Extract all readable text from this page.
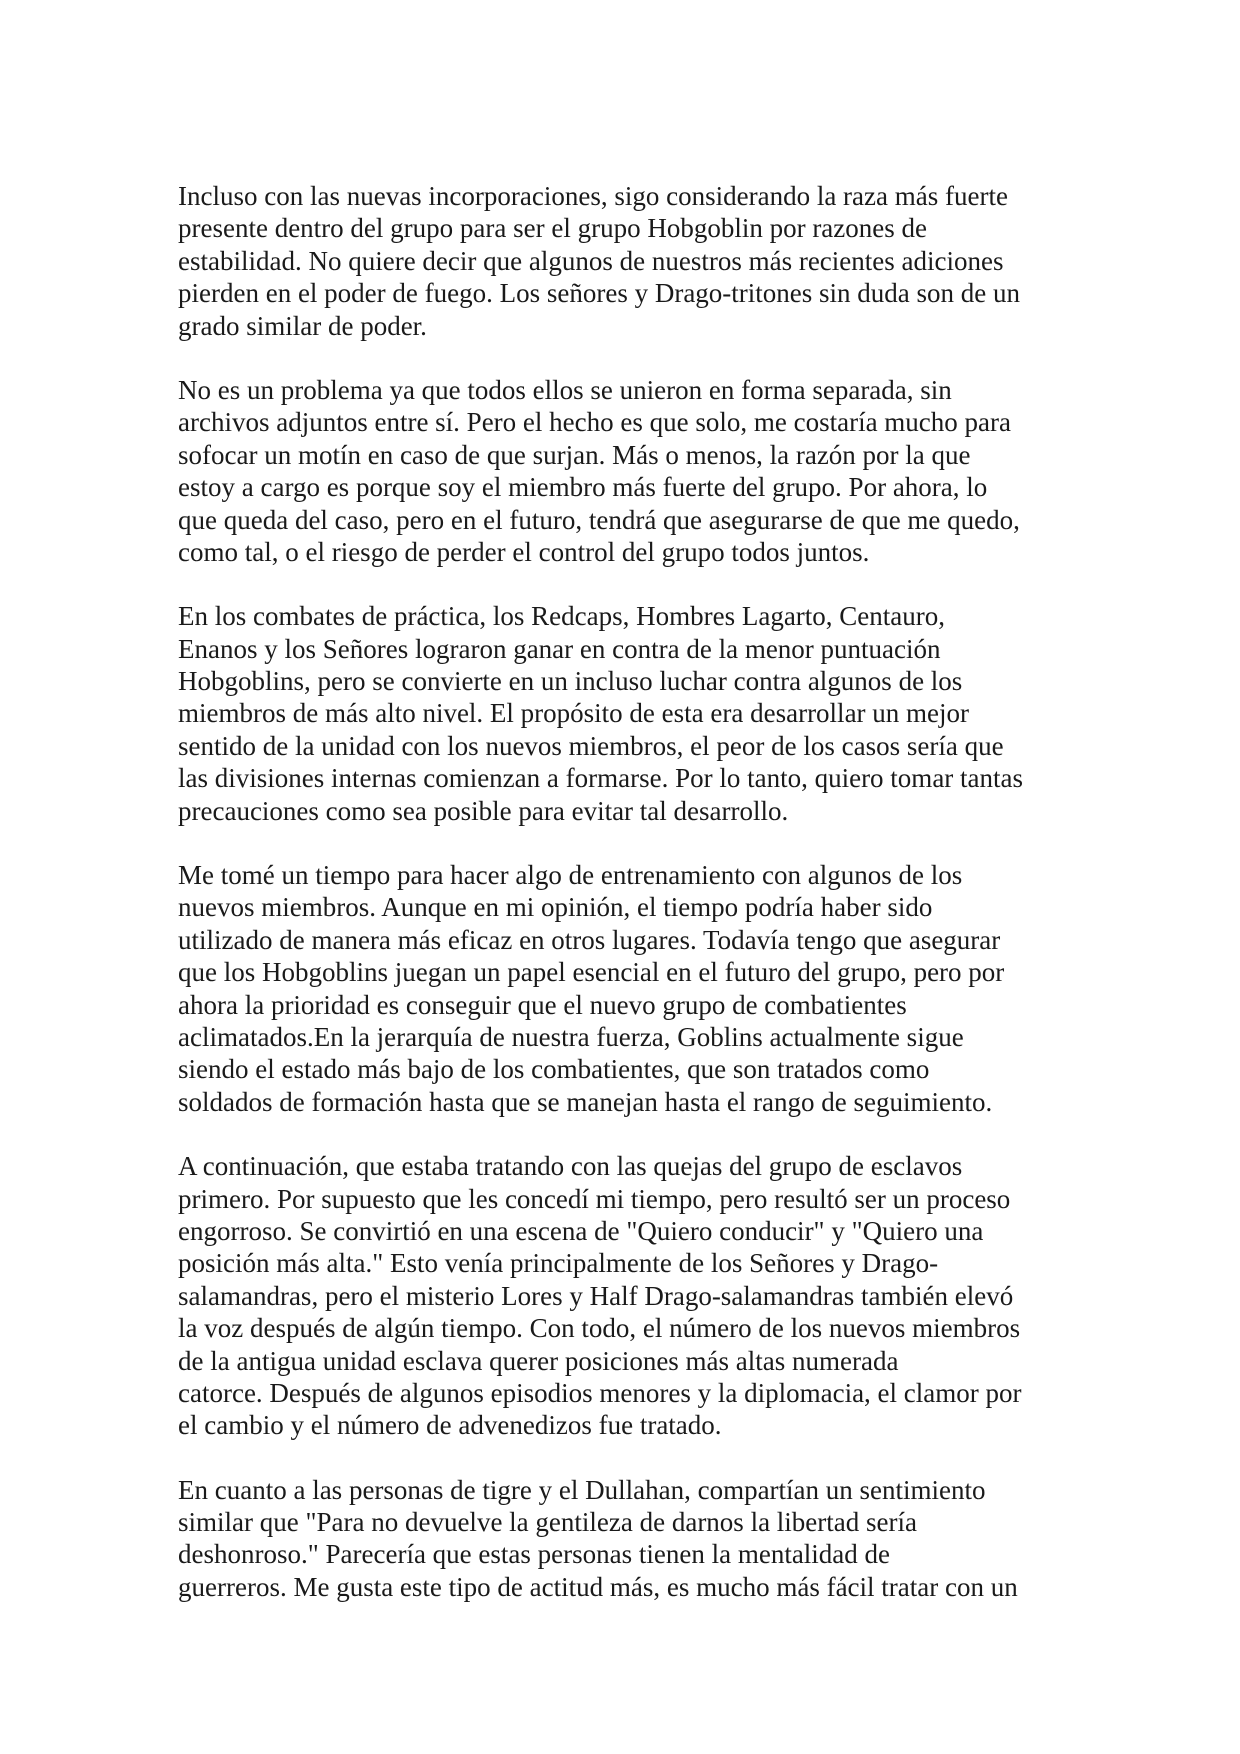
Incluso con las nuevas incorporaciones, sigo considerando la raza más fuerte
presente dentro del grupo para ser el grupo Hobgoblin por razones de
estabilidad. No quiere decir que algunos de nuestros más recientes adiciones
pierden en el poder de fuego. Los señores y Drago-tritones sin duda son de un
grado similar de poder.

No es un problema ya que todos ellos se unieron en forma separada, sin
archivos adjuntos entre sí. Pero el hecho es que solo, me costaría mucho para
sofocar un motín en caso de que surjan. Más o menos, la razón por la que
estoy a cargo es porque soy el miembro más fuerte del grupo. Por ahora, lo
que queda del caso, pero en el futuro, tendrá que asegurarse de que me quedo,
como tal, o el riesgo de perder el control del grupo todos juntos.

En los combates de práctica, los Redcaps, Hombres Lagarto, Centauro,
Enanos y los Señores lograron ganar en contra de la menor puntuación
Hobgoblins, pero se convierte en un incluso luchar contra algunos de los
miembros de más alto nivel. El propósito de esta era desarrollar un mejor
sentido de la unidad con los nuevos miembros, el peor de los casos sería que
las divisiones internas comienzan a formarse. Por lo tanto, quiero tomar tantas
precauciones como sea posible para evitar tal desarrollo.

Me tomé un tiempo para hacer algo de entrenamiento con algunos de los
nuevos miembros. Aunque en mi opinión, el tiempo podría haber sido
utilizado de manera más eficaz en otros lugares. Todavía tengo que asegurar
que los Hobgoblins juegan un papel esencial en el futuro del grupo, pero por
ahora la prioridad es conseguir que el nuevo grupo de combatientes
aclimatados.En la jerarquía de nuestra fuerza, Goblins actualmente sigue
siendo el estado más bajo de los combatientes, que son tratados como
soldados de formación hasta que se manejan hasta el rango de seguimiento.

A continuación, que estaba tratando con las quejas del grupo de esclavos
primero. Por supuesto que les concedí mi tiempo, pero resultó ser un proceso
engorroso. Se convirtió en una escena de "Quiero conducir" y "Quiero una
posición más alta." Esto venía principalmente de los Señores y Drago-
salamandras, pero el misterio Lores y Half Drago-salamandras también elevó
la voz después de algún tiempo. Con todo, el número de los nuevos miembros
de la antigua unidad esclava querer posiciones más altas numerada
catorce. Después de algunos episodios menores y la diplomacia, el clamor por
el cambio y el número de advenedizos fue tratado.

En cuanto a las personas de tigre y el Dullahan, compartían un sentimiento
similar que "Para no devuelve la gentileza de darnos la libertad sería
deshonroso." Parecería que estas personas tienen la mentalidad de
guerreros. Me gusta este tipo de actitud más, es mucho más fácil tratar con un
